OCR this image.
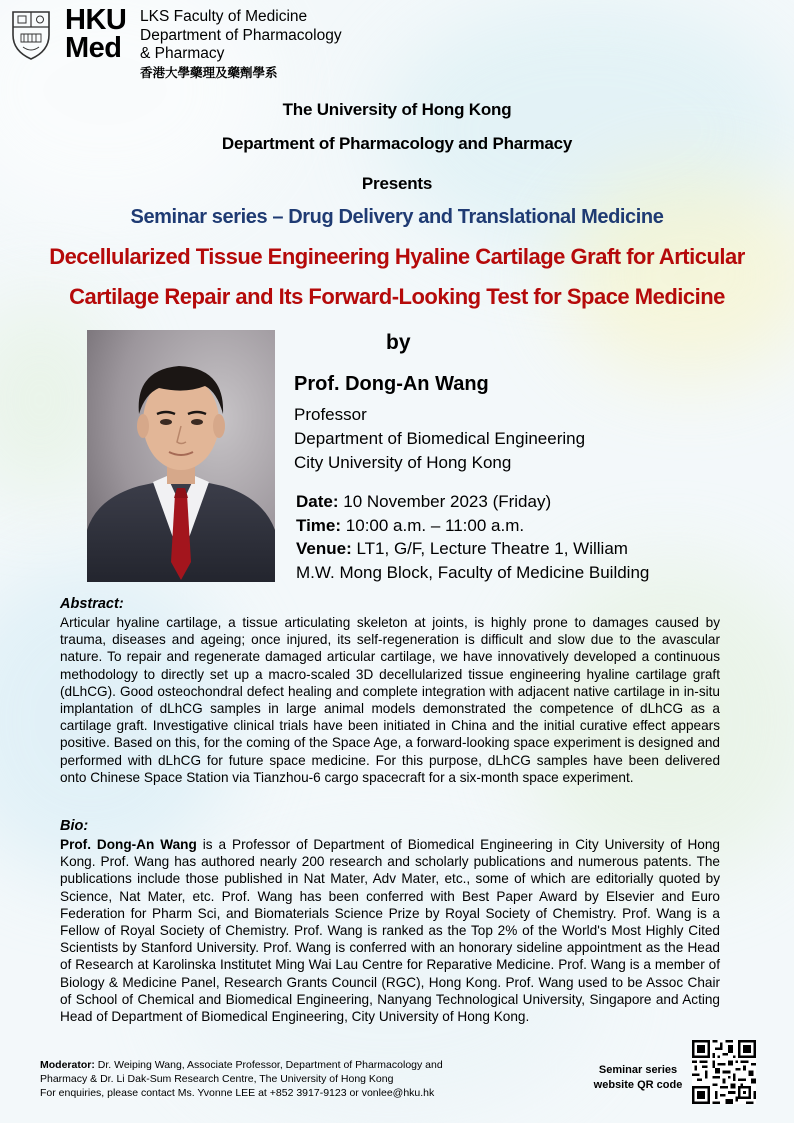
HKU
Med
LKS Faculty of Medicine
Department of Pharmacology
& Pharmacy
香港大學藥理及藥劑學系
The University of Hong Kong
Department of Pharmacology and Pharmacy
Presents
Seminar series – Drug Delivery and Translational Medicine
Decellularized Tissue Engineering Hyaline Cartilage Graft for Articular
Cartilage Repair and Its Forward-Looking Test for Space Medicine
by
Prof. Dong-An Wang
Professor
Department of Biomedical Engineering
City University of Hong Kong
Date: 10 November 2023 (Friday)
Time: 10:00 a.m. – 11:00 a.m.
Venue: LT1, G/F, Lecture Theatre 1, William
M.W. Mong Block, Faculty of Medicine Building
Abstract:
Articular hyaline cartilage, a tissue articulating skeleton at joints, is highly prone to damages caused by trauma, diseases and ageing; once injured, its self-regeneration is difficult and slow due to the avascular nature. To repair and regenerate damaged articular cartilage, we have innovatively developed a continuous methodology to directly set up a macro-scaled 3D decellularized tissue engineering hyaline cartilage graft (dLhCG). Good osteochondral defect healing and complete integration with adjacent native cartilage in in-situ implantation of dLhCG samples in large animal models demonstrated the competence of dLhCG as a cartilage graft. Investigative clinical trials have been initiated in China and the initial curative effect appears positive. Based on this, for the coming of the Space Age, a forward-looking space experiment is designed and performed with dLhCG for future space medicine. For this purpose, dLhCG samples have been delivered onto Chinese Space Station via Tianzhou-6 cargo spacecraft for a six-month space experiment.
Bio:
Prof. Dong-An Wang is a Professor of Department of Biomedical Engineering in City University of Hong Kong. Prof. Wang has authored nearly 200 research and scholarly publications and numerous patents. The publications include those published in Nat Mater, Adv Mater, etc., some of which are editorially quoted by Science, Nat Mater, etc. Prof. Wang has been conferred with Best Paper Award by Elsevier and Euro Federation for Pharm Sci, and Biomaterials Science Prize by Royal Society of Chemistry. Prof. Wang is a Fellow of Royal Society of Chemistry. Prof. Wang is ranked as the Top 2% of the World's Most Highly Cited Scientists by Stanford University. Prof. Wang is conferred with an honorary sideline appointment as the Head of Research at Karolinska Institutet Ming Wai Lau Centre for Reparative Medicine. Prof. Wang is a member of Biology & Medicine Panel, Research Grants Council (RGC), Hong Kong. Prof. Wang used to be Assoc Chair of School of Chemical and Biomedical Engineering, Nanyang Technological University, Singapore and Acting Head of Department of Biomedical Engineering, City University of Hong Kong.
Moderator: Dr. Weiping Wang, Associate Professor, Department of Pharmacology and
Pharmacy & Dr. Li Dak-Sum Research Centre, The University of Hong Kong
For enquiries, please contact Ms. Yvonne LEE at +852 3917-9123 or vonlee@hku.hk
Seminar series
website QR code
